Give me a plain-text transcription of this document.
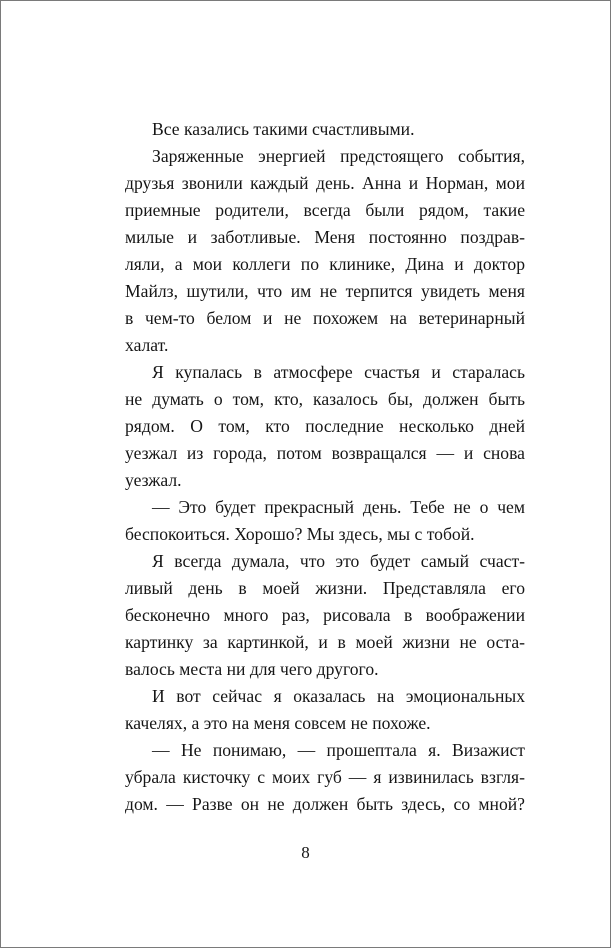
Все казались такими счастливыми.
Заряженные энергией предстоящего события,
друзья звонили каждый день. Анна и Норман, мои
приемные родители, всегда были рядом, такие
милые и заботливые. Меня постоянно поздрав-
ляли, а мои коллеги по клинике, Дина и доктор
Майлз, шутили, что им не терпится увидеть меня
в чем-то белом и не похожем на ветеринарный
халат.
Я купалась в атмосфере счастья и старалась
не думать о том, кто, казалось бы, должен быть
рядом. О том, кто последние несколько дней
уезжал из города, потом возвращался — и снова
уезжал.
— Это будет прекрасный день. Тебе не о чем
беспокоиться. Хорошо? Мы здесь, мы с тобой.
Я всегда думала, что это будет самый счаст-
ливый день в моей жизни. Представляла его
бесконечно много раз, рисовала в воображении
картинку за картинкой, и в моей жизни не оста-
валось места ни для чего другого.
И вот сейчас я оказалась на эмоциональных
качелях, а это на меня совсем не похоже.
— Не понимаю, — прошептала я. Визажист
убрала кисточку с моих губ — я извинилась взгля-
дом. — Разве он не должен быть здесь, со мной?
8
